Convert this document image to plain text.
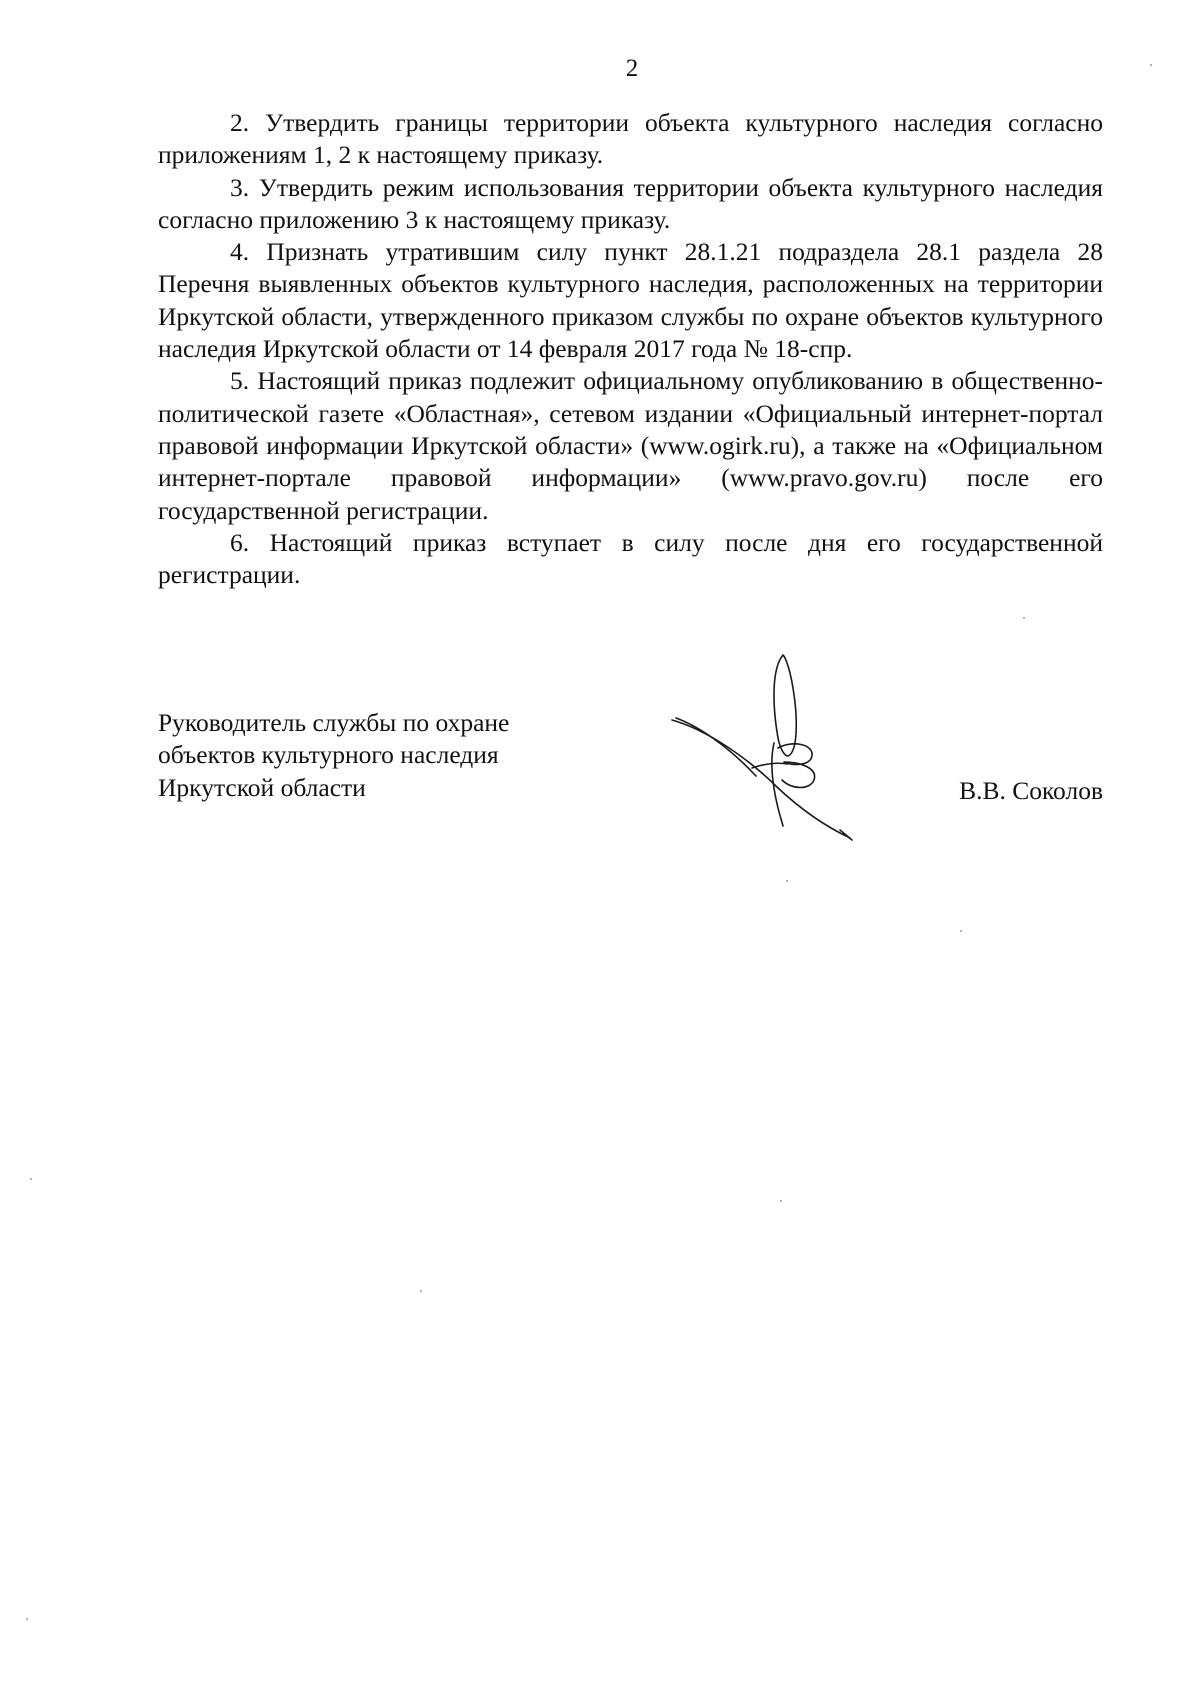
2

2. Утвердить границы территории объекта культурного наследия согласно приложениям 1, 2 к настоящему приказу.

3. Утвердить режим использования территории объекта культурного наследия согласно приложению 3 к настоящему приказу.

4. Признать утратившим силу пункт 28.1.21 подраздела 28.1 раздела 28 Перечня выявленных объектов культурного наследия, расположенных на территории Иркутской области, утвержденного приказом службы по охране объектов культурного наследия Иркутской области от 14 февраля 2017 года № 18-спр.

5. Настоящий приказ подлежит официальному опубликованию в общественно-политической газете «Областная», сетевом издании «Официальный интернет-портал правовой информации Иркутской области» (www.ogirk.ru), а также на «Официальном интернет-портале правовой информации» (www.pravo.gov.ru) после его государственной регистрации.

6. Настоящий приказ вступает в силу после дня его государственной регистрации.

Руководитель службы по охране
объектов культурного наследия
Иркутской области	В.В. Соколов
